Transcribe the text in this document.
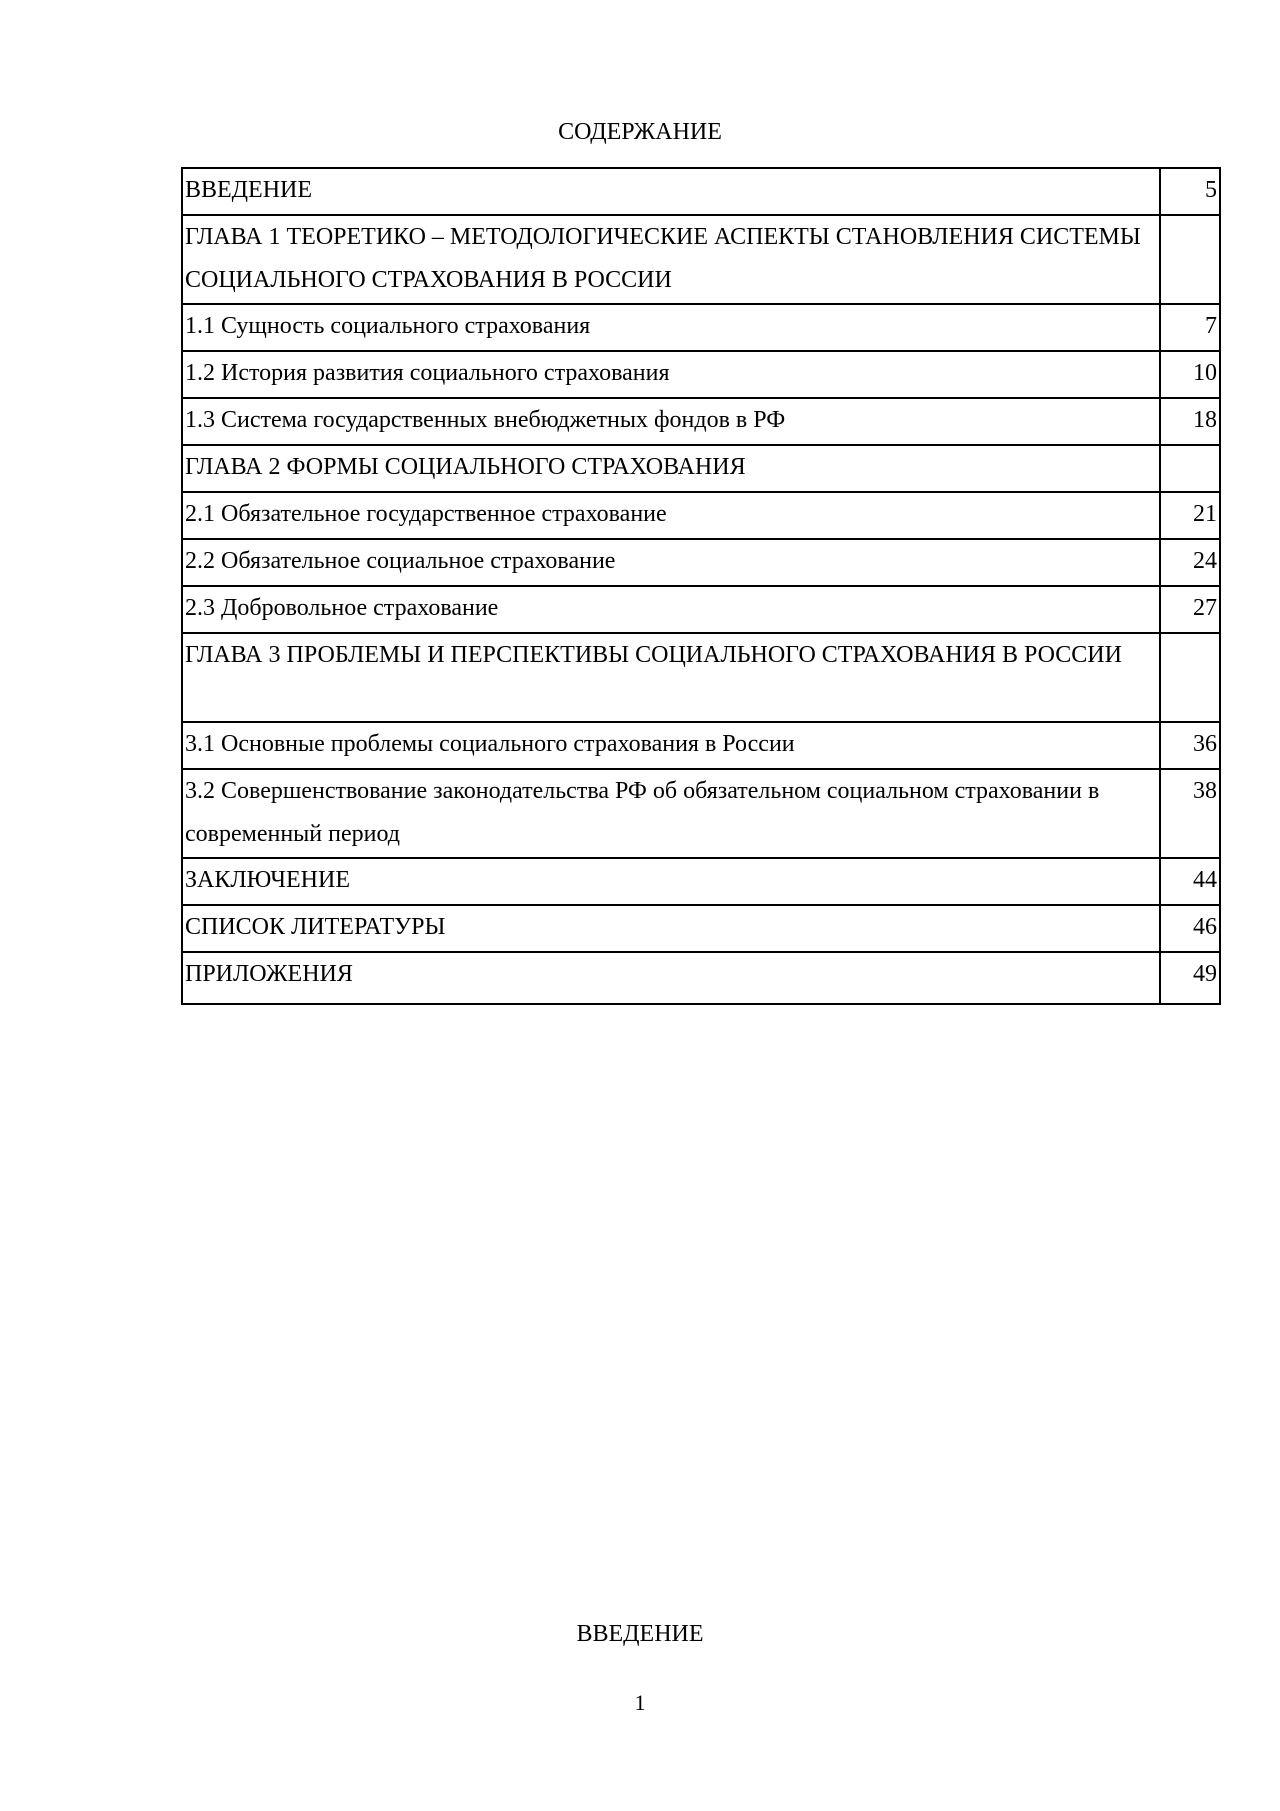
СОДЕРЖАНИЕ
ВВЕДЕНИЕ	5
ГЛАВА 1 ТЕОРЕТИКО – МЕТОДОЛОГИЧЕСКИЕ АСПЕКТЫ СТАНОВЛЕНИЯ СИСТЕМЫ СОЦИАЛЬНОГО СТРАХОВАНИЯ В РОССИИ	
1.1 Сущность социального страхования	7
1.2 История развития социального страхования	10
1.3 Система государственных внебюджетных фондов в РФ	18
ГЛАВА 2 ФОРМЫ СОЦИАЛЬНОГО СТРАХОВАНИЯ	
2.1 Обязательное государственное страхование	21
2.2 Обязательное социальное страхование	24
2.3 Добровольное страхование	27
ГЛАВА 3 ПРОБЛЕМЫ И ПЕРСПЕКТИВЫ СОЦИАЛЬНОГО СТРАХОВАНИЯ В РОССИИ	
3.1 Основные проблемы социального страхования в России	36
3.2 Совершенствование законодательства РФ об обязательном социальном страховании в современный период	38
ЗАКЛЮЧЕНИЕ	44
СПИСОК ЛИТЕРАТУРЫ	46
ПРИЛОЖЕНИЯ	49
ВВЕДЕНИЕ
1
